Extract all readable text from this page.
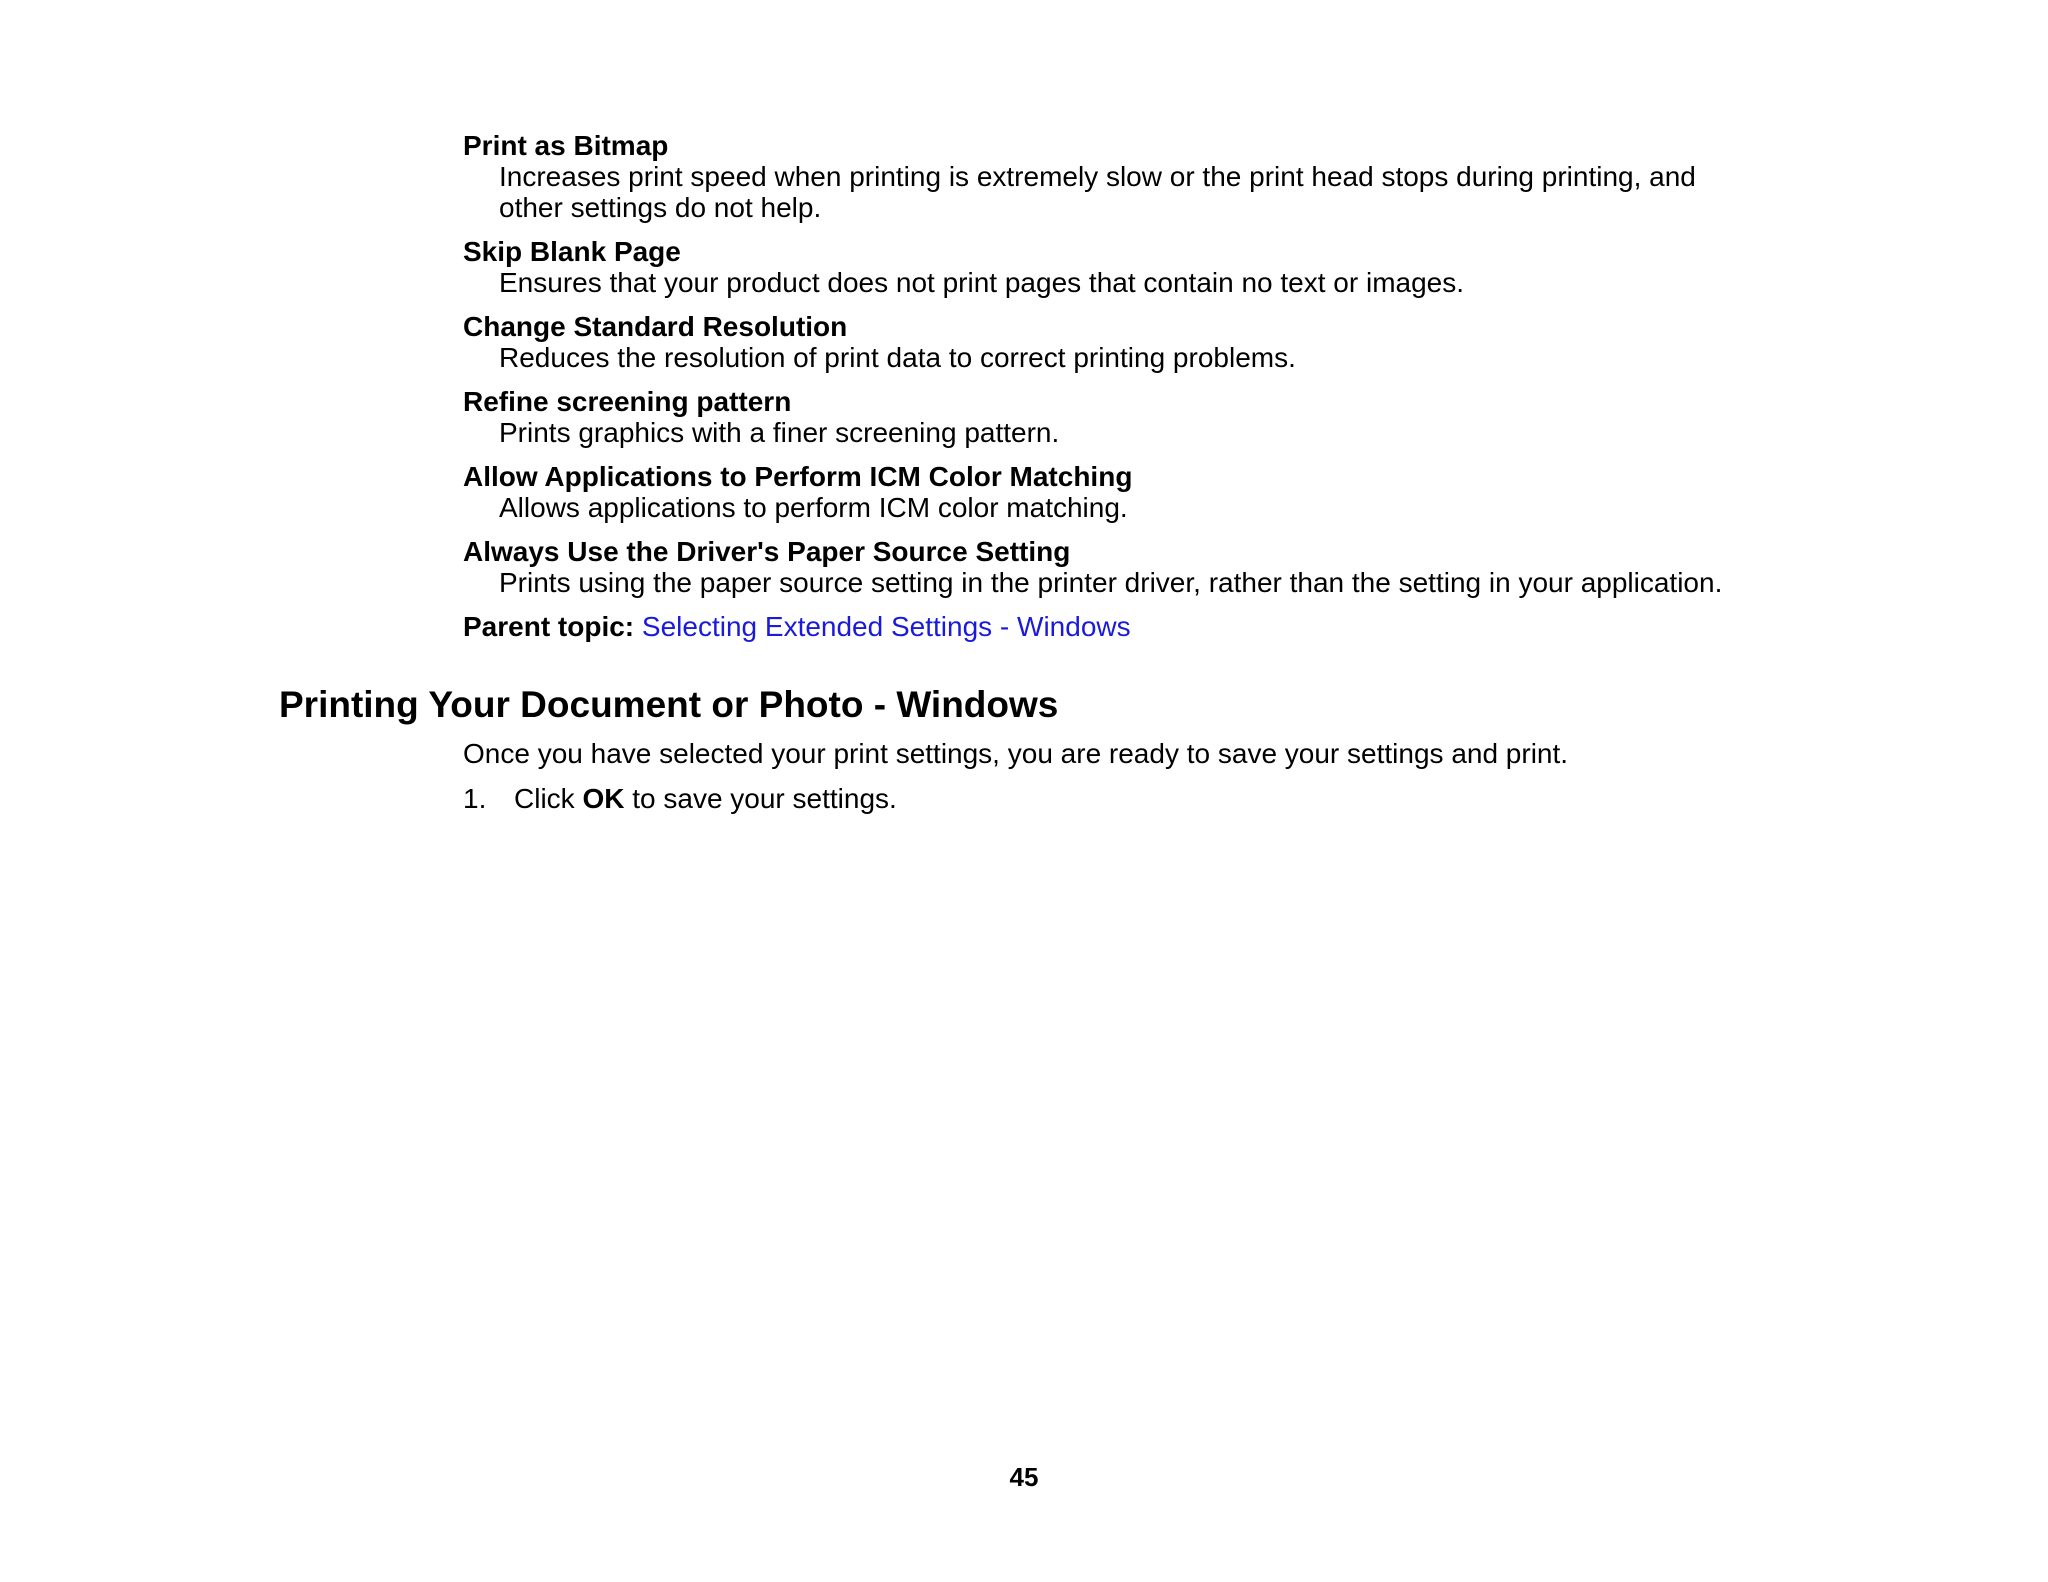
Print as Bitmap
Increases print speed when printing is extremely slow or the print head stops during printing, and other settings do not help.
Skip Blank Page
Ensures that your product does not print pages that contain no text or images.
Change Standard Resolution
Reduces the resolution of print data to correct printing problems.
Refine screening pattern
Prints graphics with a finer screening pattern.
Allow Applications to Perform ICM Color Matching
Allows applications to perform ICM color matching.
Always Use the Driver's Paper Source Setting
Prints using the paper source setting in the printer driver, rather than the setting in your application.

Parent topic: Selecting Extended Settings - Windows

Printing Your Document or Photo - Windows

Once you have selected your print settings, you are ready to save your settings and print.

1. Click OK to save your settings.

45
